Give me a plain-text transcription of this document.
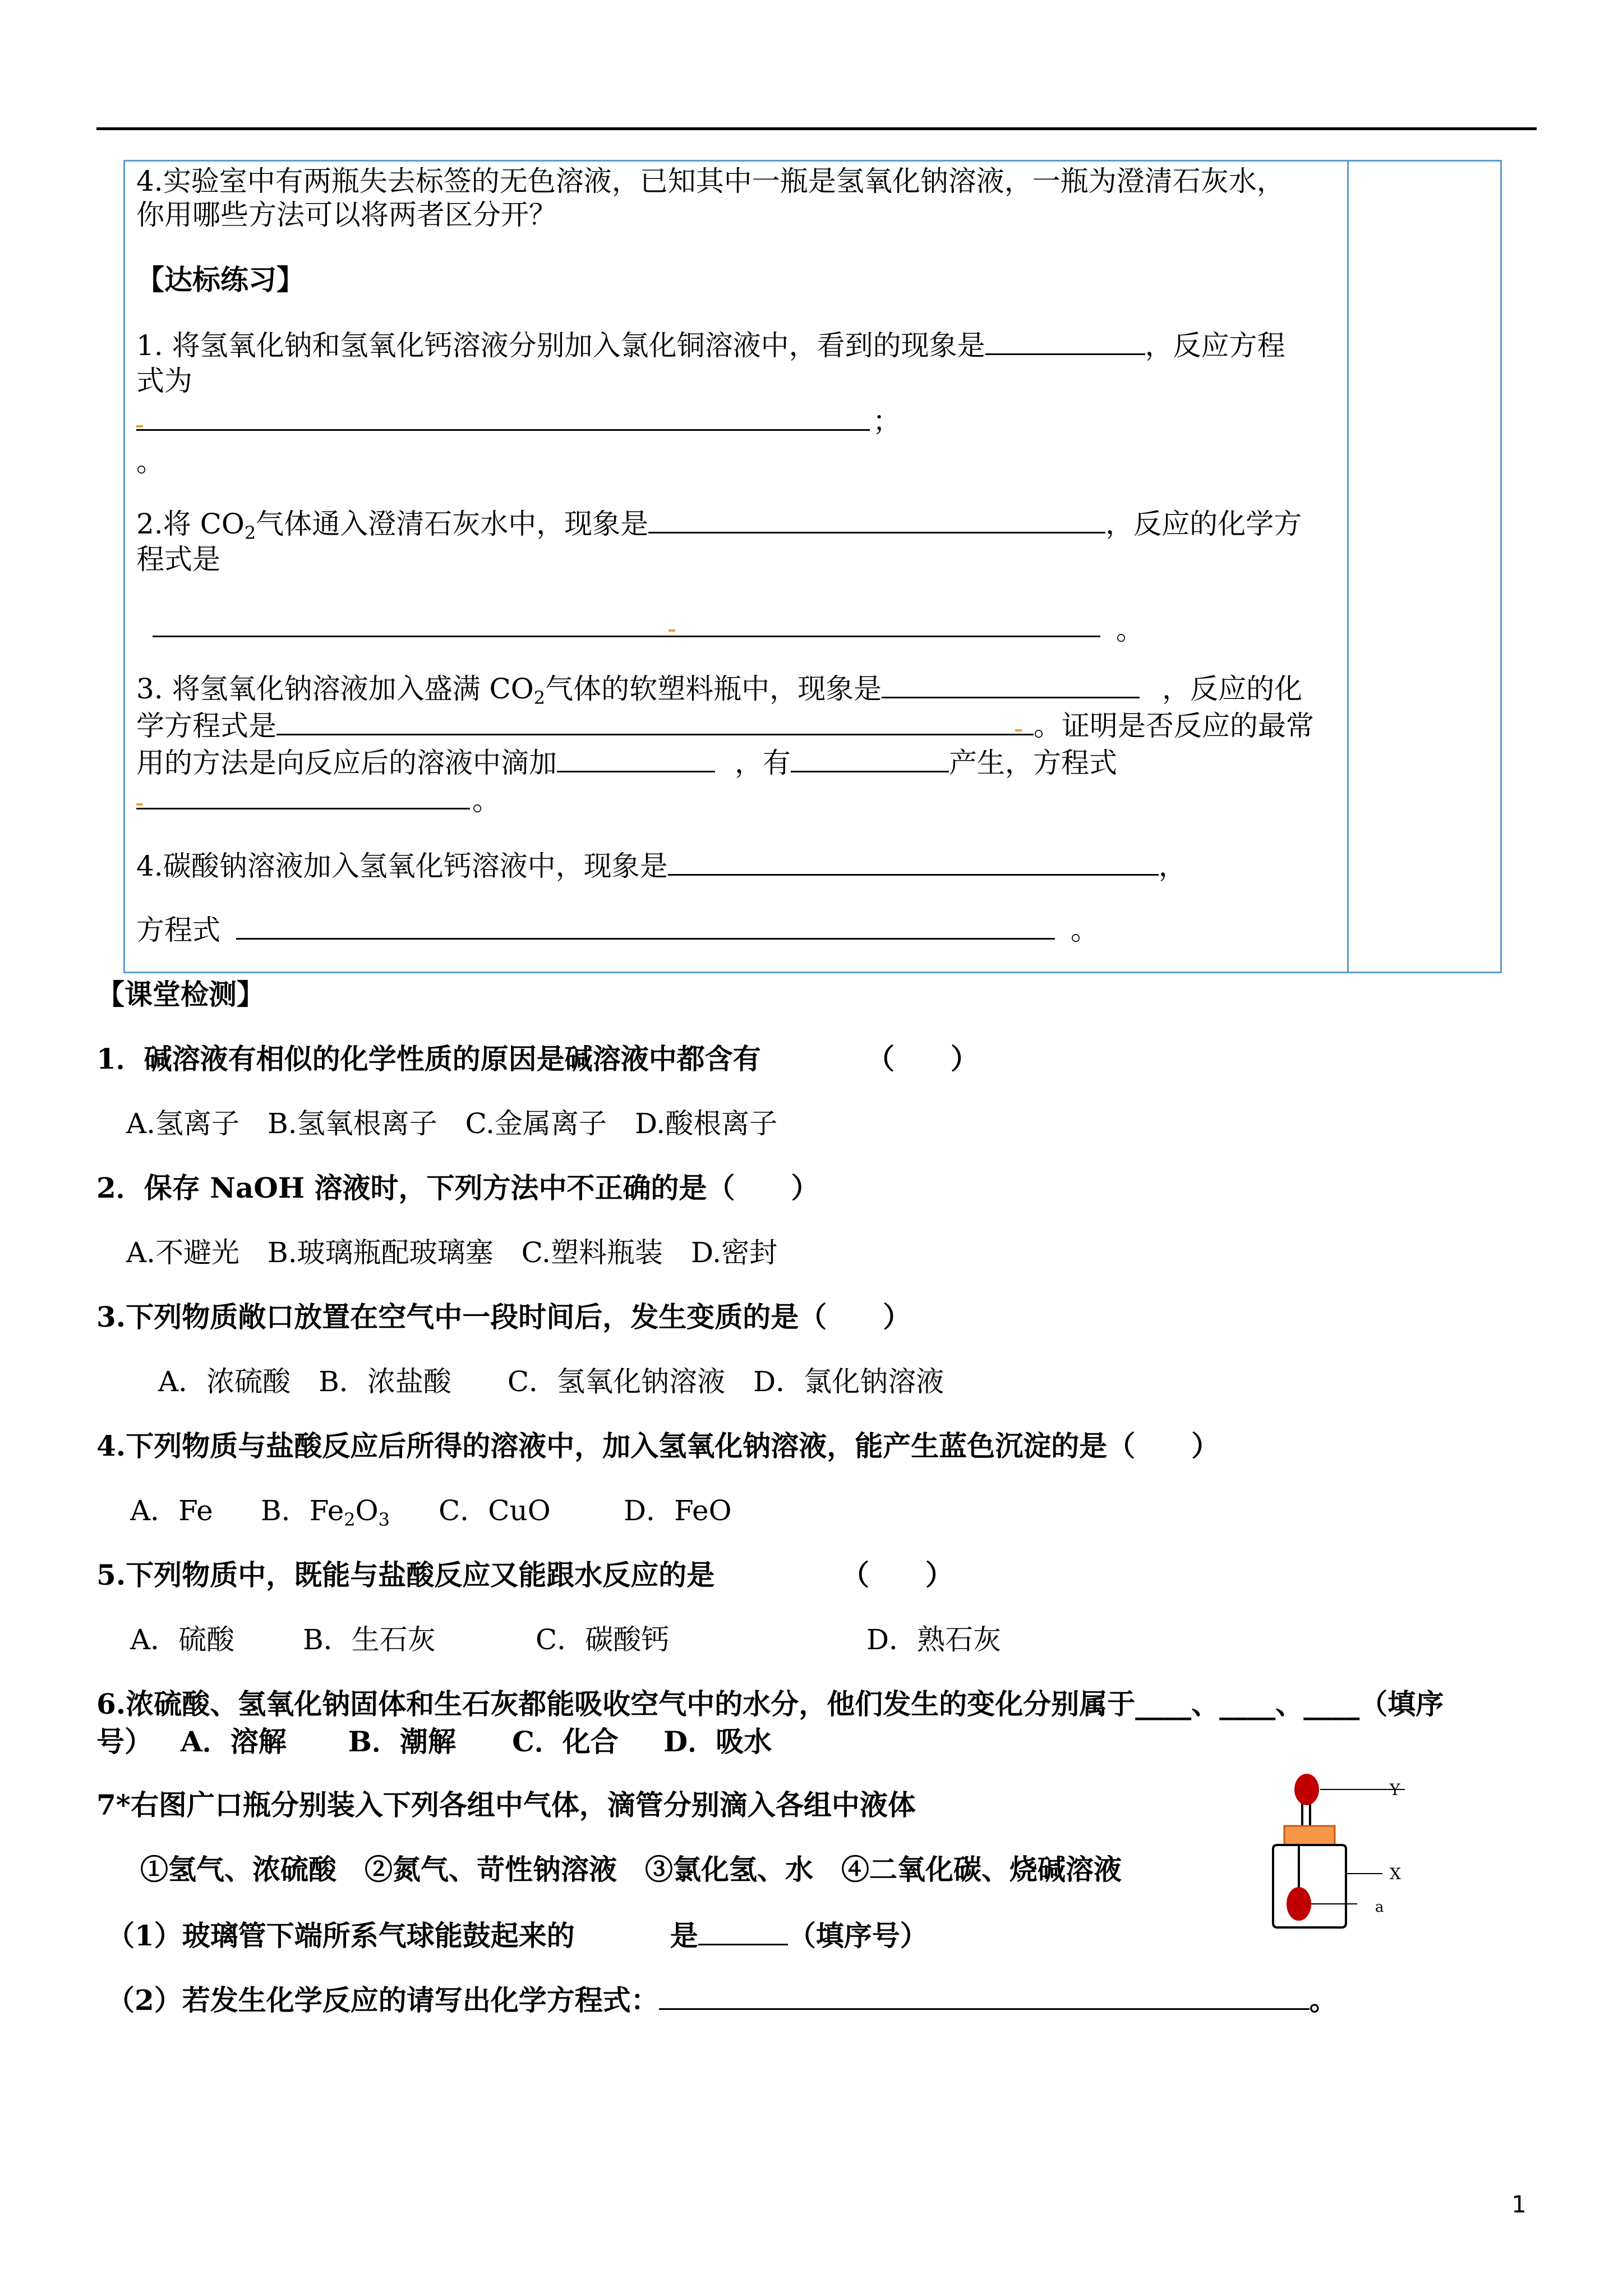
4.实验室中有两瓶失去标签的无色溶液，已知其中一瓶是氢氧化钠溶液，一瓶为澄清石灰水，
你用哪些方法可以将两者区分开？
【达标练习】
1. 将氢氧化钠和氢氧化钙溶液分别加入氯化铜溶液中，看到的现象是	，反应方程
式为
；
。
2.将 $CO_2$气体通入澄清石灰水中，现象是	，反应的化学方
程式是
。
3. 将氢氧化钠溶液加入盛满 $CO_2$气体的软塑料瓶中，现象是	，反应的化
学方程式是	。证明是否反应的最常
用的方法是向反应后的溶液中滴加	，有	产生，方程式
。
4.碳酸钠溶液加入氢氧化钙溶液中，现象是	，
方程式	。
【课堂检测】
1．碱溶液有相似的化学性质的原因是碱溶液中都含有	（　　）
A.氢离子　B.氢氧根离子　C.金属离子　D.酸根离子
2．保存 NaOH 溶液时，下列方法中不正确的是（　　）
A.不避光　B.玻璃瓶配玻璃塞　C.塑料瓶装　D.密封
3.下列物质敞口放置在空气中一段时间后，发生变质的是（　　）
A．浓硫酸　B．浓盐酸　　C．氢氧化钠溶液　D．氯化钠溶液
4.下列物质与盐酸反应后所得的溶液中，加入氢氧化钠溶液，能产生蓝色沉淀的是（　　）
A．Fe B．$Fe_2O_3$ C．CuO	D．FeO
5.下列物质中，既能与盐酸反应又能跟水反应的是	（　　）
A．硫酸 B．生石灰	C．碳酸钙	D．熟石灰
6.浓硫酸、氢氧化钠固体和生石灰都能吸收空气中的水分，他们发生的变化分别属于____、____、____（填序
号） A．溶解 B．潮解 C．化合 D．吸水
7*右图广口瓶分别装入下列各组中气体，滴管分别滴入各组中液体
①氢气、浓硫酸　②氮气、苛性钠溶液　③氯化氢、水　④二氧化碳、烧碱溶液
（1）玻璃管下端所系气球能鼓起来的	是	（填序号）
（2）若发生化学反应的请写出化学方程式：	。
Y
X
a
1
